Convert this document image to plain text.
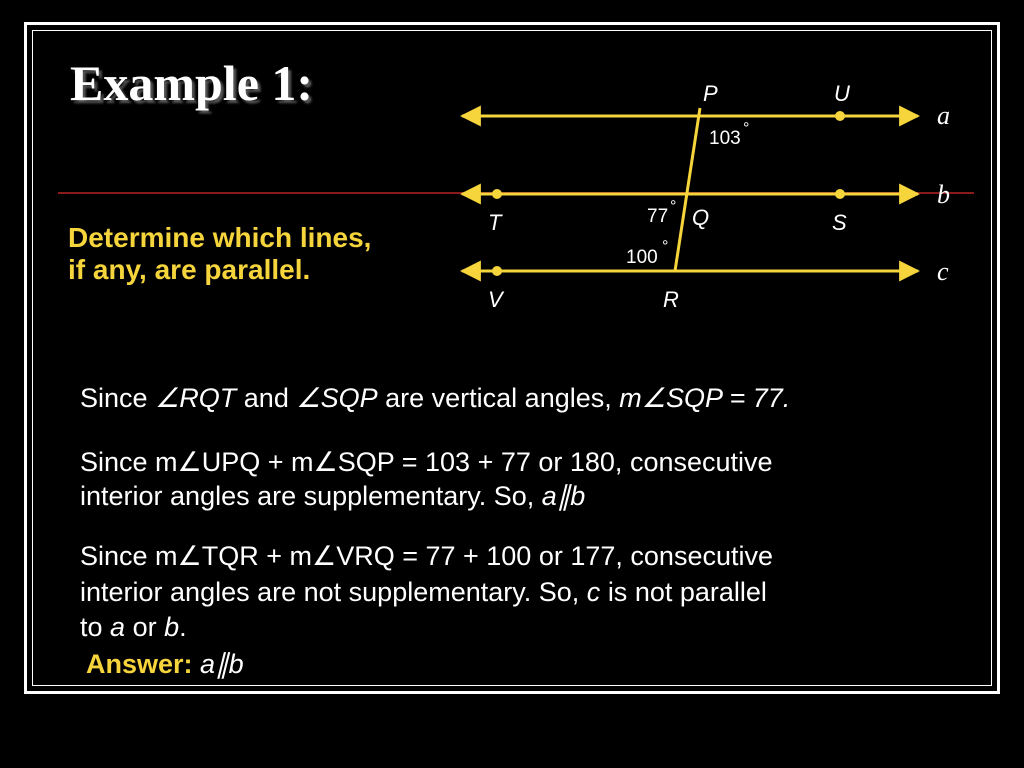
Example 1:
Determine which lines,
if any, are parallel.
P	U
T	S
Q
V	R
a
b
c
103 °
77 °
100
°
Since ∠RQT and ∠SQP are vertical angles, m∠SQP = 77.
Since m∠UPQ + m∠SQP = 103 + 77 or 180, consecutive
interior angles are supplementary. So, a∥b
Since m∠TQR + m∠VRQ = 77 + 100 or 177, consecutive
interior angles are not supplementary. So, c is not parallel
to a or b.
Answer: a∥b
